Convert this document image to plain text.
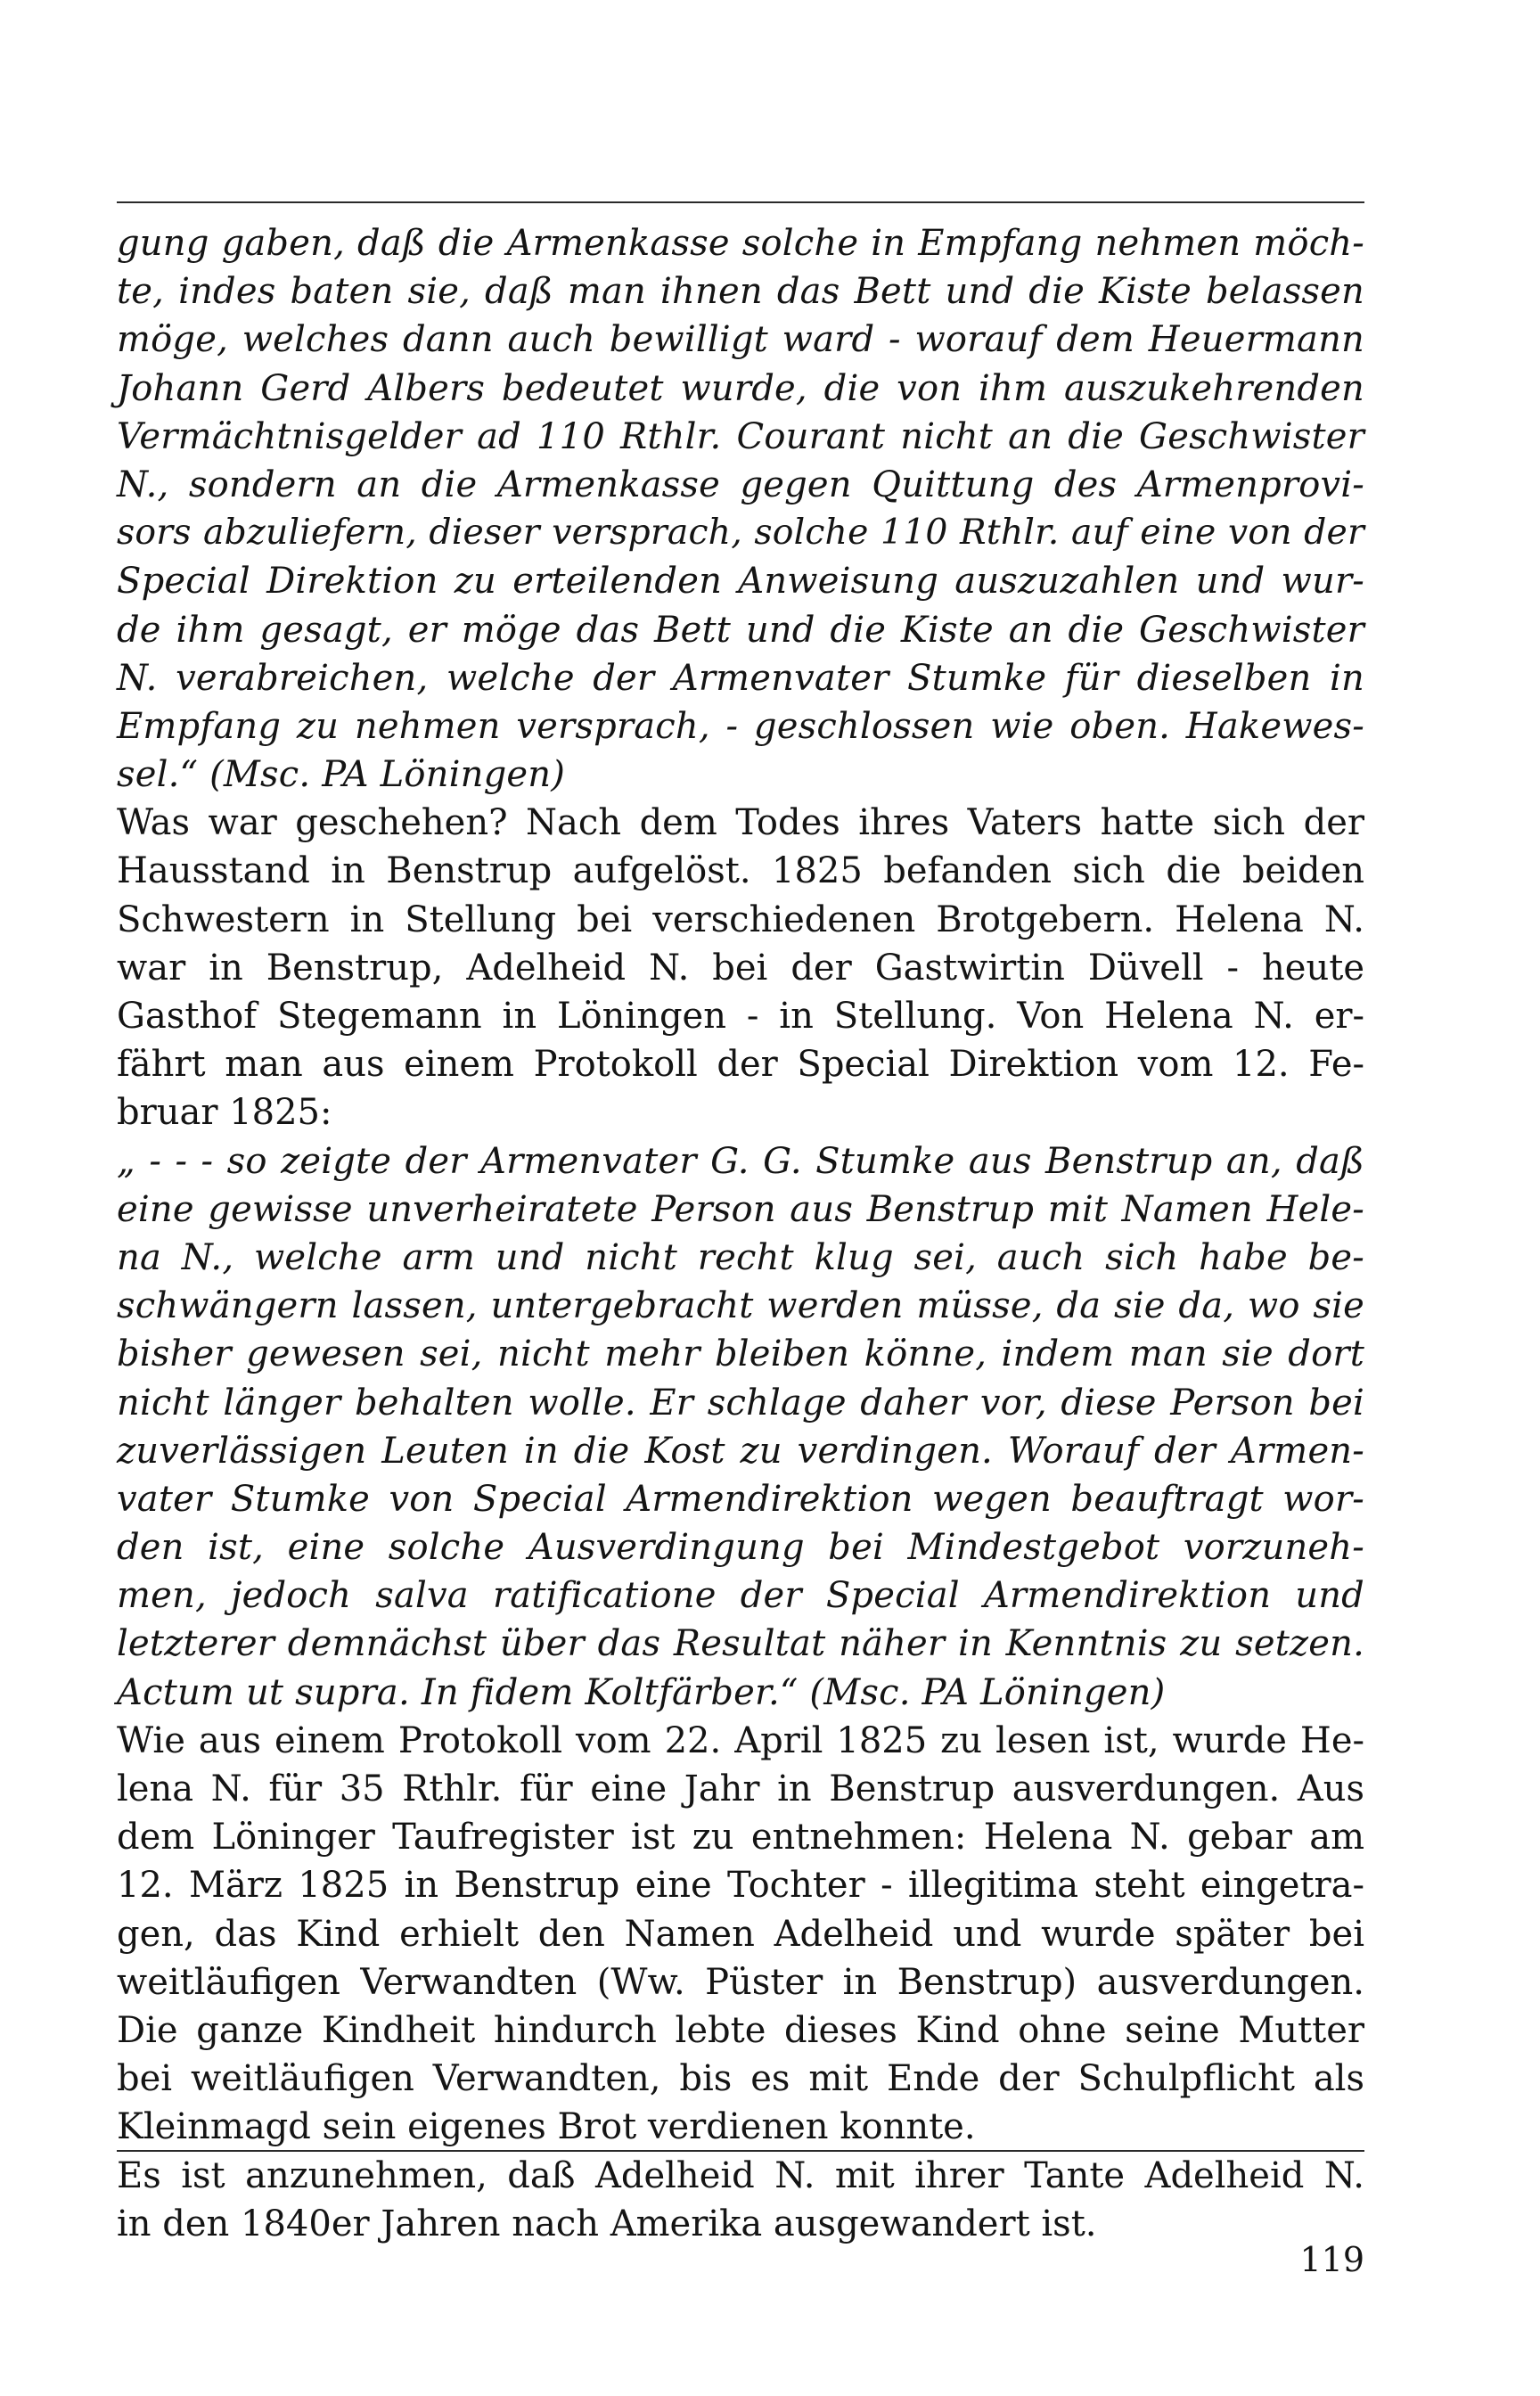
gung gaben, daß die Armenkasse solche in Empfang nehmen möch-
te, indes baten sie, daß man ihnen das Bett und die Kiste belassen
möge, welches dann auch bewilligt ward - worauf dem Heuermann
Johann Gerd Albers bedeutet wurde, die von ihm auszukehrenden
Vermächtnisgelder ad 110 Rthlr. Courant nicht an die Geschwister
N., sondern an die Armenkasse gegen Quittung des Armenprovi-
sors abzuliefern, dieser versprach, solche 110 Rthlr. auf eine von der
Special Direktion zu erteilenden Anweisung auszuzahlen und wur-
de ihm gesagt, er möge das Bett und die Kiste an die Geschwister
N. verabreichen, welche der Armenvater Stumke für dieselben in
Empfang zu nehmen versprach, - geschlossen wie oben. Hakewes-
sel.“ (Msc. PA Löningen)
Was war geschehen? Nach dem Todes ihres Vaters hatte sich der
Hausstand in Benstrup aufgelöst. 1825 befanden sich die beiden
Schwestern in Stellung bei verschiedenen Brotgebern. Helena N.
war in Benstrup, Adelheid N. bei der Gastwirtin Düvell - heute
Gasthof Stegemann in Löningen - in Stellung. Von Helena N. er-
fährt man aus einem Protokoll der Special Direktion vom 12. Fe-
bruar 1825:
„ - - - so zeigte der Armenvater G. G. Stumke aus Benstrup an, daß
eine gewisse unverheiratete Person aus Benstrup mit Namen Hele-
na N., welche arm und nicht recht klug sei, auch sich habe be-
schwängern lassen, untergebracht werden müsse, da sie da, wo sie
bisher gewesen sei, nicht mehr bleiben könne, indem man sie dort
nicht länger behalten wolle. Er schlage daher vor, diese Person bei
zuverlässigen Leuten in die Kost zu verdingen. Worauf der Armen-
vater Stumke von Special Armendirektion wegen beauftragt wor-
den ist, eine solche Ausverdingung bei Mindestgebot vorzuneh-
men, jedoch salva ratificatione der Special Armendirektion und
letzterer demnächst über das Resultat näher in Kenntnis zu setzen.
Actum ut supra. In fidem Koltfärber.“ (Msc. PA Löningen)
Wie aus einem Protokoll vom 22. April 1825 zu lesen ist, wurde He-
lena N. für 35 Rthlr. für eine Jahr in Benstrup ausverdungen. Aus
dem Löninger Taufregister ist zu entnehmen: Helena N. gebar am
12. März 1825 in Benstrup eine Tochter - illegitima steht eingetra-
gen, das Kind erhielt den Namen Adelheid und wurde später bei
weitläufigen Verwandten (Ww. Püster in Benstrup) ausverdungen.
Die ganze Kindheit hindurch lebte dieses Kind ohne seine Mutter
bei weitläufigen Verwandten, bis es mit Ende der Schulpflicht als
Kleinmagd sein eigenes Brot verdienen konnte.
Es ist anzunehmen, daß Adelheid N. mit ihrer Tante Adelheid N.
in den 1840er Jahren nach Amerika ausgewandert ist.
119
